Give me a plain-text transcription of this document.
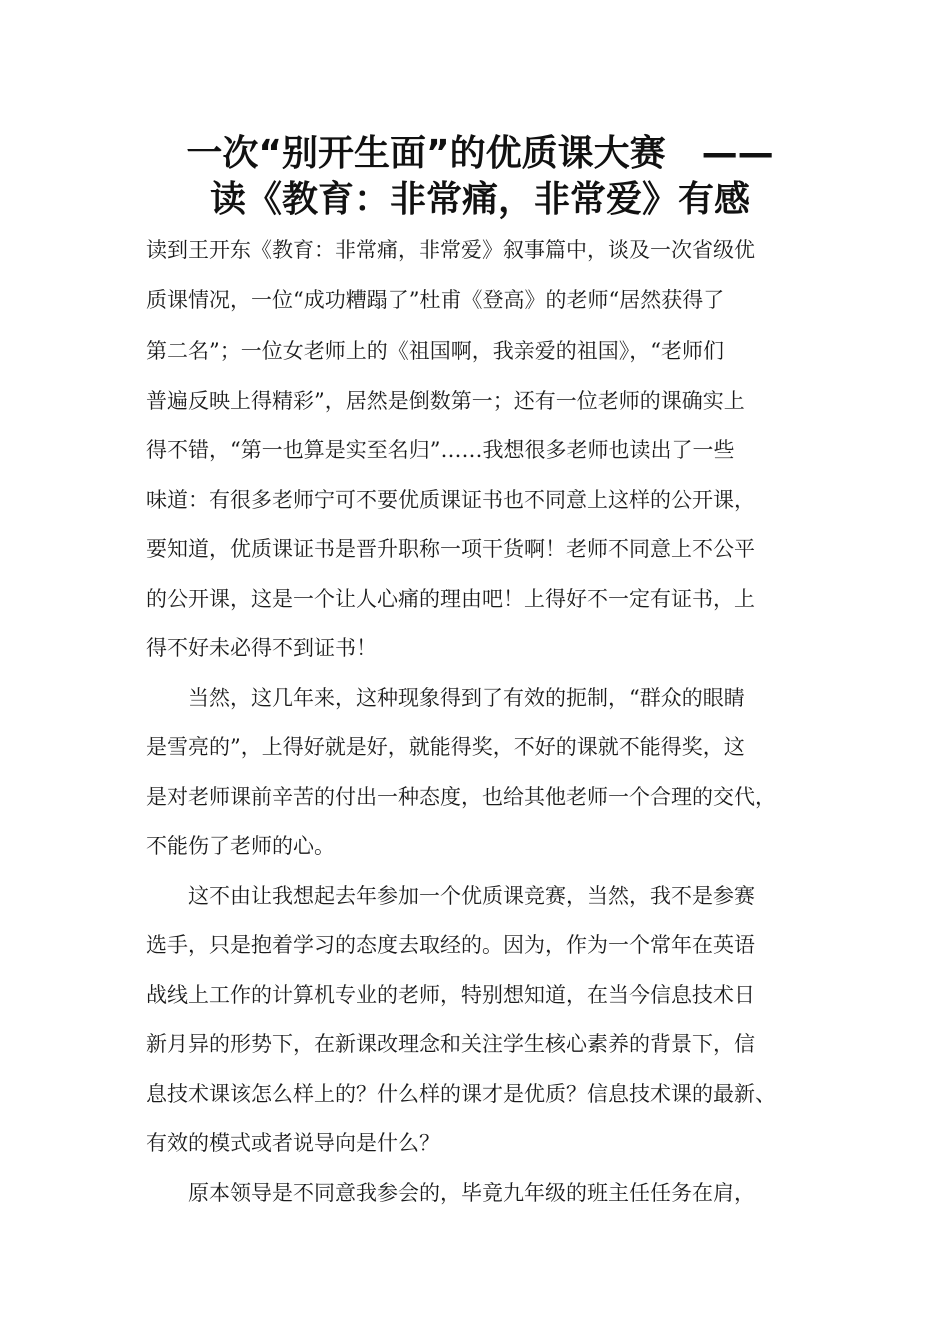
一次“别开生面”的优质课大赛　——
读《教育：非常痛，非常爱》有感
读到王开东《教育：非常痛，非常爱》叙事篇中，谈及一次省级优
质课情况，一位“成功糟蹋了”杜甫《登高》的老师“居然获得了
第二名”；一位女老师上的《祖国啊，我亲爱的祖国》，“老师们
普遍反映上得精彩”，居然是倒数第一；还有一位老师的课确实上
得不错，“第一也算是实至名归”……我想很多老师也读出了一些
味道：有很多老师宁可不要优质课证书也不同意上这样的公开课，
要知道，优质课证书是晋升职称一项干货啊！老师不同意上不公平
的公开课，这是一个让人心痛的理由吧！上得好不一定有证书，上
得不好未必得不到证书！
　　当然，这几年来，这种现象得到了有效的扼制，“群众的眼睛
是雪亮的”，上得好就是好，就能得奖，不好的课就不能得奖，这
是对老师课前辛苦的付出一种态度，也给其他老师一个合理的交代，
不能伤了老师的心。
　　这不由让我想起去年参加一个优质课竞赛，当然，我不是参赛
选手，只是抱着学习的态度去取经的。因为，作为一个常年在英语
战线上工作的计算机专业的老师，特别想知道，在当今信息技术日
新月异的形势下，在新课改理念和关注学生核心素养的背景下，信
息技术课该怎么样上的？什么样的课才是优质？信息技术课的最新、
有效的模式或者说导向是什么？
　　原本领导是不同意我参会的，毕竟九年级的班主任任务在肩，
